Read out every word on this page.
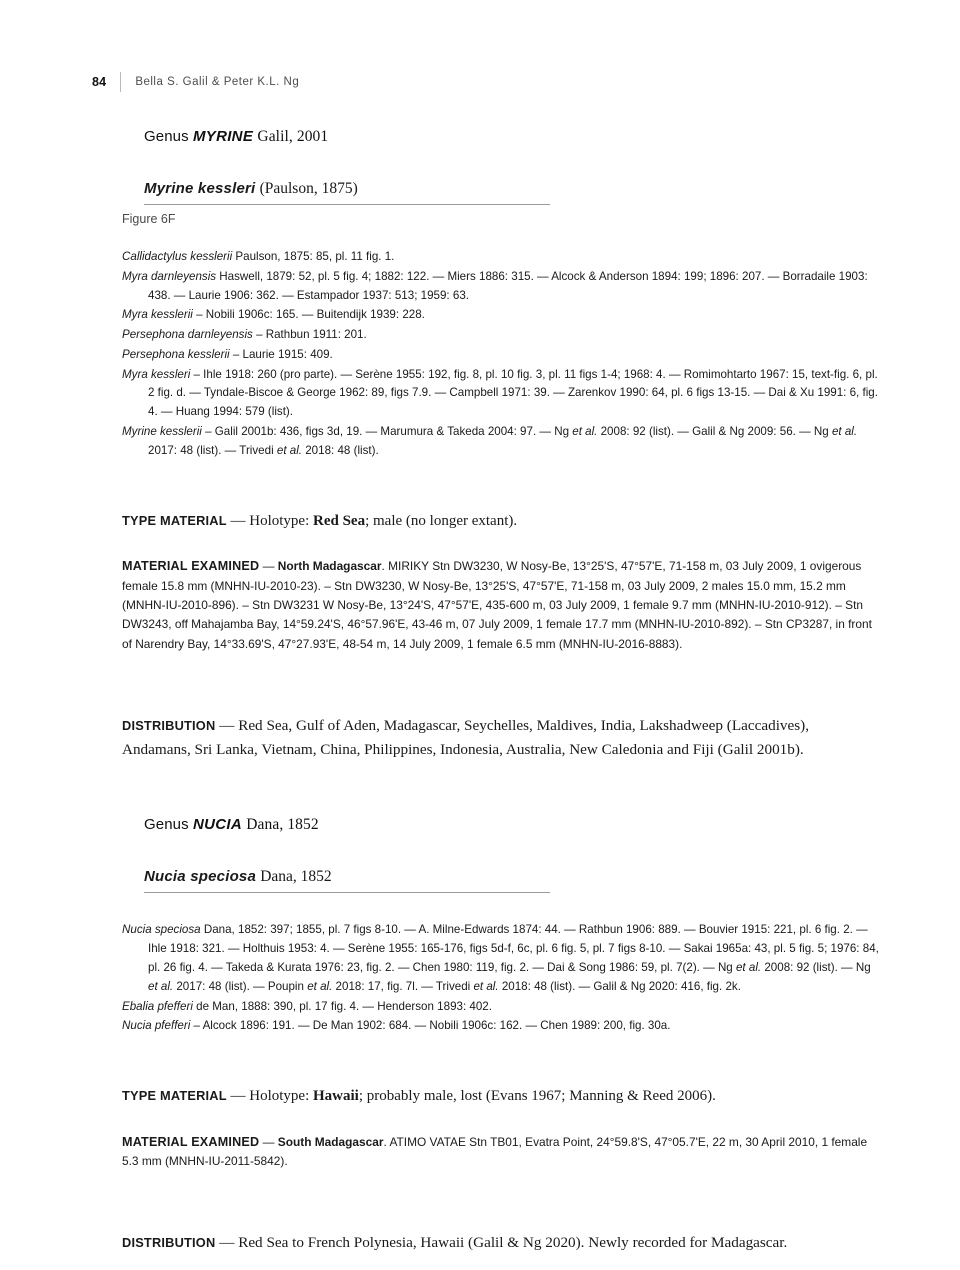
84	Bella S. Galil & Peter K.L. Ng

Genus MYRINE Galil, 2001

Myrine kessleri (Paulson, 1875)

Figure 6F

Callidactylus kesslerii Paulson, 1875: 85, pl. 11 fig. 1.

Myra darnleyensis Haswell, 1879: 52, pl. 5 fig. 4; 1882: 122. — Miers 1886: 315. — Alcock & Anderson 1894: 199; 1896: 207. — Borradaile 1903: 438. — Laurie 1906: 362. — Estampador 1937: 513; 1959: 63.

Myra kesslerii – Nobili 1906c: 165. — Buitendijk 1939: 228.

Persephona darnleyensis – Rathbun 1911: 201.

Persephona kesslerii – Laurie 1915: 409.

Myra kessleri – Ihle 1918: 260 (pro parte). — Serène 1955: 192, fig. 8, pl. 10 fig. 3, pl. 11 figs 1-4; 1968: 4. — Romimohtarto 1967: 15, text-fig. 6, pl. 2 fig. d. — Tyndale-Biscoe & George 1962: 89, figs 7.9. — Campbell 1971: 39. — Zarenkov 1990: 64, pl. 6 figs 13-15. — Dai & Xu 1991: 6, fig. 4. — Huang 1994: 579 (list).

Myrine kesslerii – Galil 2001b: 436, figs 3d, 19. — Marumura & Takeda 2004: 97. — Ng et al. 2008: 92 (list). — Galil & Ng 2009: 56. — Ng et al. 2017: 48 (list). — Trivedi et al. 2018: 48 (list).

TYPE MATERIAL — Holotype: Red Sea; male (no longer extant).

MATERIAL EXAMINED — North Madagascar. MIRIKY Stn DW3230, W Nosy-Be, 13°25'S, 47°57'E, 71-158 m, 03 July 2009, 1 ovigerous female 15.8 mm (MNHN-IU-2010-23). – Stn DW3230, W Nosy-Be, 13°25'S, 47°57'E, 71-158 m, 03 July 2009, 2 males 15.0 mm, 15.2 mm (MNHN-IU-2010-896). – Stn DW3231 W Nosy-Be, 13°24'S, 47°57'E, 435-600 m, 03 July 2009, 1 female 9.7 mm (MNHN-IU-2010-912). – Stn DW3243, off Mahajamba Bay, 14°59.24'S, 46°57.96'E, 43-46 m, 07 July 2009, 1 female 17.7 mm (MNHN-IU-2010-892). – Stn CP3287, in front of Narendry Bay, 14°33.69'S, 47°27.93'E, 48-54 m, 14 July 2009, 1 female 6.5 mm (MNHN-IU-2016-8883).

DISTRIBUTION — Red Sea, Gulf of Aden, Madagascar, Seychelles, Maldives, India, Lakshadweep (Laccadives), Andamans, Sri Lanka, Vietnam, China, Philippines, Indonesia, Australia, New Caledonia and Fiji (Galil 2001b).

Genus NUCIA Dana, 1852

Nucia speciosa Dana, 1852

Nucia speciosa Dana, 1852: 397; 1855, pl. 7 figs 8-10. — A. Milne-Edwards 1874: 44. — Rathbun 1906: 889. — Bouvier 1915: 221, pl. 6 fig. 2. — Ihle 1918: 321. — Holthuis 1953: 4. — Serène 1955: 165-176, figs 5d-f, 6c, pl. 6 fig. 5, pl. 7 figs 8-10. — Sakai 1965a: 43, pl. 5 fig. 5; 1976: 84, pl. 26 fig. 4. — Takeda & Kurata 1976: 23, fig. 2. — Chen 1980: 119, fig. 2. — Dai & Song 1986: 59, pl. 7(2). — Ng et al. 2008: 92 (list). — Ng et al. 2017: 48 (list). — Poupin et al. 2018: 17, fig. 7l. — Trivedi et al. 2018: 48 (list). — Galil & Ng 2020: 416, fig. 2k.

Ebalia pfefferi de Man, 1888: 390, pl. 17 fig. 4. — Henderson 1893: 402.

Nucia pfefferi – Alcock 1896: 191. — De Man 1902: 684. — Nobili 1906c: 162. — Chen 1989: 200, fig. 30a.

TYPE MATERIAL — Holotype: Hawaii; probably male, lost (Evans 1967; Manning & Reed 2006).

MATERIAL EXAMINED — South Madagascar. ATIMO VATAE Stn TB01, Evatra Point, 24°59.8'S, 47°05.7'E, 22 m, 30 April 2010, 1 female 5.3 mm (MNHN-IU-2011-5842).

DISTRIBUTION — Red Sea to French Polynesia, Hawaii (Galil & Ng 2020). Newly recorded for Madagascar.
